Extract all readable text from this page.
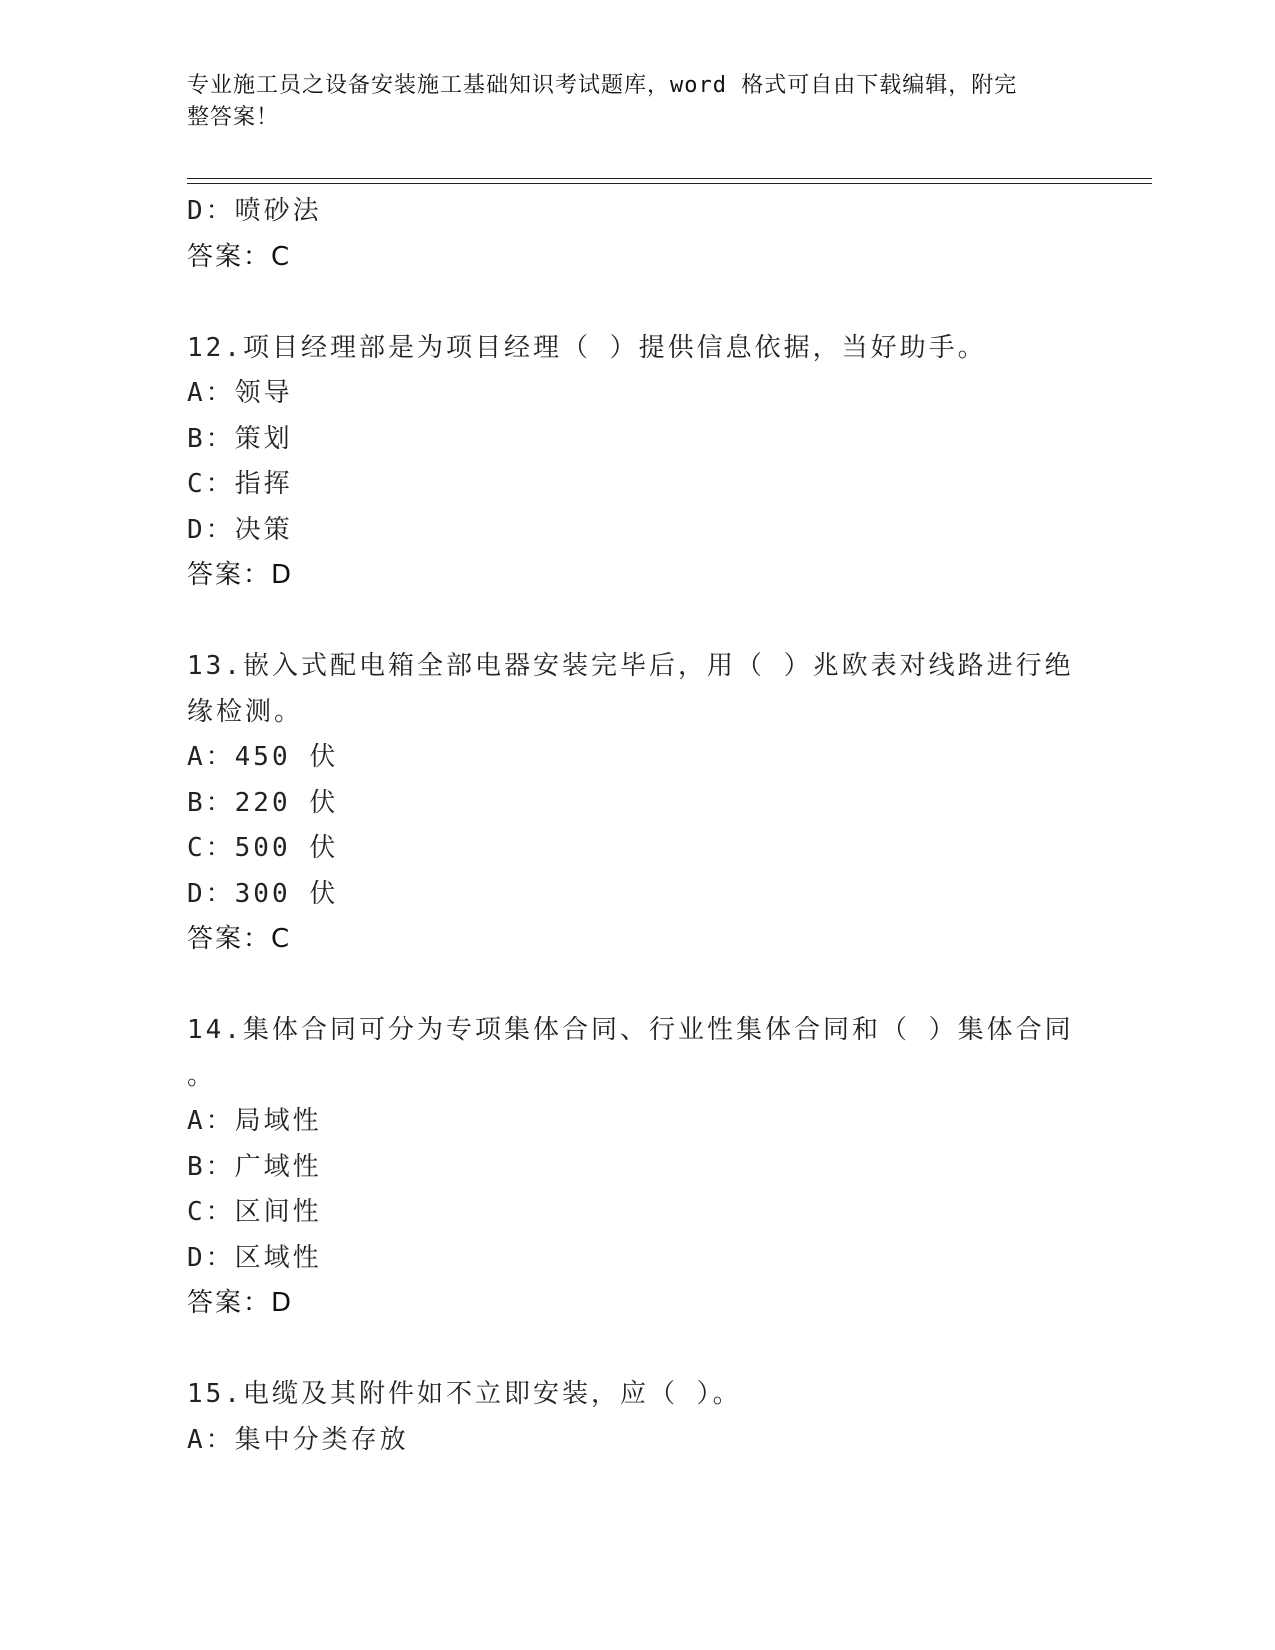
专业施工员之设备安装施工基础知识考试题库，word 格式可自由下载编辑，附完
整答案！
D：喷砂法
答案：C
12.项目经理部是为项目经理（ ）提供信息依据，当好助手。
A：领导
B：策划
C：指挥
D：决策
答案：D
13.嵌入式配电箱全部电器安装完毕后，用（ ）兆欧表对线路进行绝
缘检测。
A：450 伏
B：220 伏
C：500 伏
D：300 伏
答案：C
14.集体合同可分为专项集体合同、行业性集体合同和（ ）集体合同
。
A：局域性
B：广域性
C：区间性
D：区域性
答案：D
15.电缆及其附件如不立即安装，应（ ）。
A：集中分类存放
